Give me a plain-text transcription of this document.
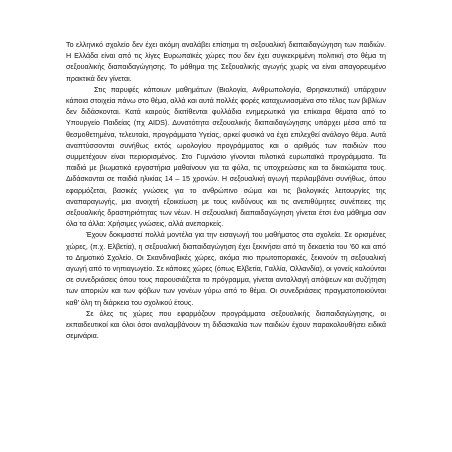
Το ελληνικό σχολείο δεν έχει ακόμη αναλάβει επίσημα τη σεξουαλική διαπαιδαγώγηση των παιδιών. Η Ελλάδα είναι από τις λίγες Ευρωπαϊκές χώρες που δεν έχει συγκεκριμένη πολιτική στο θέμα τη σεξουαλικής διαπαιδαγώγησης. Το μάθημα της Σεξουαλικής αγωγής χωρίς να είναι απαγορευμένο πρακτικά δεν γίνεται.

Στις παρυφές κάποιων μαθημάτων (Βιολογία, Ανθρωπολογία, Θρησκευτικά) υπάρχουν κάποια στοιχεία πάνω στο θέμα, αλλά και αυτά πολλές φορές καταχωνιασμένα στο τέλος των βιβλίων δεν διδάσκονται. Κατά καιρούς διατίθενται φυλλάδια ενημερωτικά για επίκαιρα θέματα από το Υπουργείο Παιδείας (πχ AIDS). Δυνατότητα σεξουαλικής διαπαιδαγώγησης υπάρχει μέσα από τα θεσμοθετημένα, τελευταία, προγράμματα Υγείας, αρκεί φυσικά να έχει επιλεχθεί ανάλογο θέμα. Αυτά αναπτύσσονται συνήθως εκτός ωρολογίου προγράμματος και ο αριθμός των παιδιών που συμμετέχουν είναι περιορισμένος. Στο Γυμνάσιο γίνονται πιλοτικά ευρωπαϊκά προγράμματα. Τα παιδιά με βιωματικά εργαστήρια μαθαίνουν για τα φύλα, τις υποχρεώσεις και τα δικαιώματα τους. Διδάσκονται σε παιδιά ηλικίας 14 – 15 χρονών. Η σεξουαλική αγωγή περιλαμβάνει συνήθως, όπου εφαρμόζεται, βασικές γνώσεις για το ανθρώπινο σώμα και τις βιολογικές λειτουργίες της αναπαραγωγής, μια ανοιχτή εξοικείωση με τους κινδύνους και τις ανεπιθύμητες συνέπειες της σεξουαλικής δραστηριότητας των νέων. Η σεξουαλική διαπαιδαγώγηση γίνεται έτσι ένα μάθημα σαν όλα τα άλλα: Χρήσιμες γνώσεις, αλλά ανεπαρκείς.

Έχουν δοκιμαστεί πολλά μοντέλα για την εισαγωγή του μαθήματος στα σχολεία. Σε ορισμένες χώρες, (π.χ. Ελβετία), η σεξουαλική διαπαιδαγώγηση έχει ξεκινήσει από τη δεκαετία του '60 και από το Δημοτικό Σχολείο. Οι Σκανδιναβικές χώρες, ακόμα πιο πρωτοποριακές, ξεκινούν τη σεξουαλική αγωγή από το νηπιαγωγείο. Σε κάποιες χώρες (όπως Ελβετία, Γαλλία, Ολλανδία), οι γονείς καλούνται σε συνεδριάσεις όπου τους παρουσιάζεται το πρόγραμμα, γίνεται ανταλλαγή απόψεων και συζήτηση των αποριών και των φόβων των γονέων γύρω από το θέμα. Οι συνεδριάσεις πραγματοποιούνται καθ' όλη τη διάρκεια του σχολικού έτους.

Σε όλες τις χώρες που εφαρμόζουν προγράμματα σεξουαλικής διαπαιδαγώγησης, οι εκπαιδευτικοί και όλοι όσοι αναλαμβάνουν τη διδασκαλία των παιδιών έχουν παρακολουθήσει ειδικά σεμινάρια.
